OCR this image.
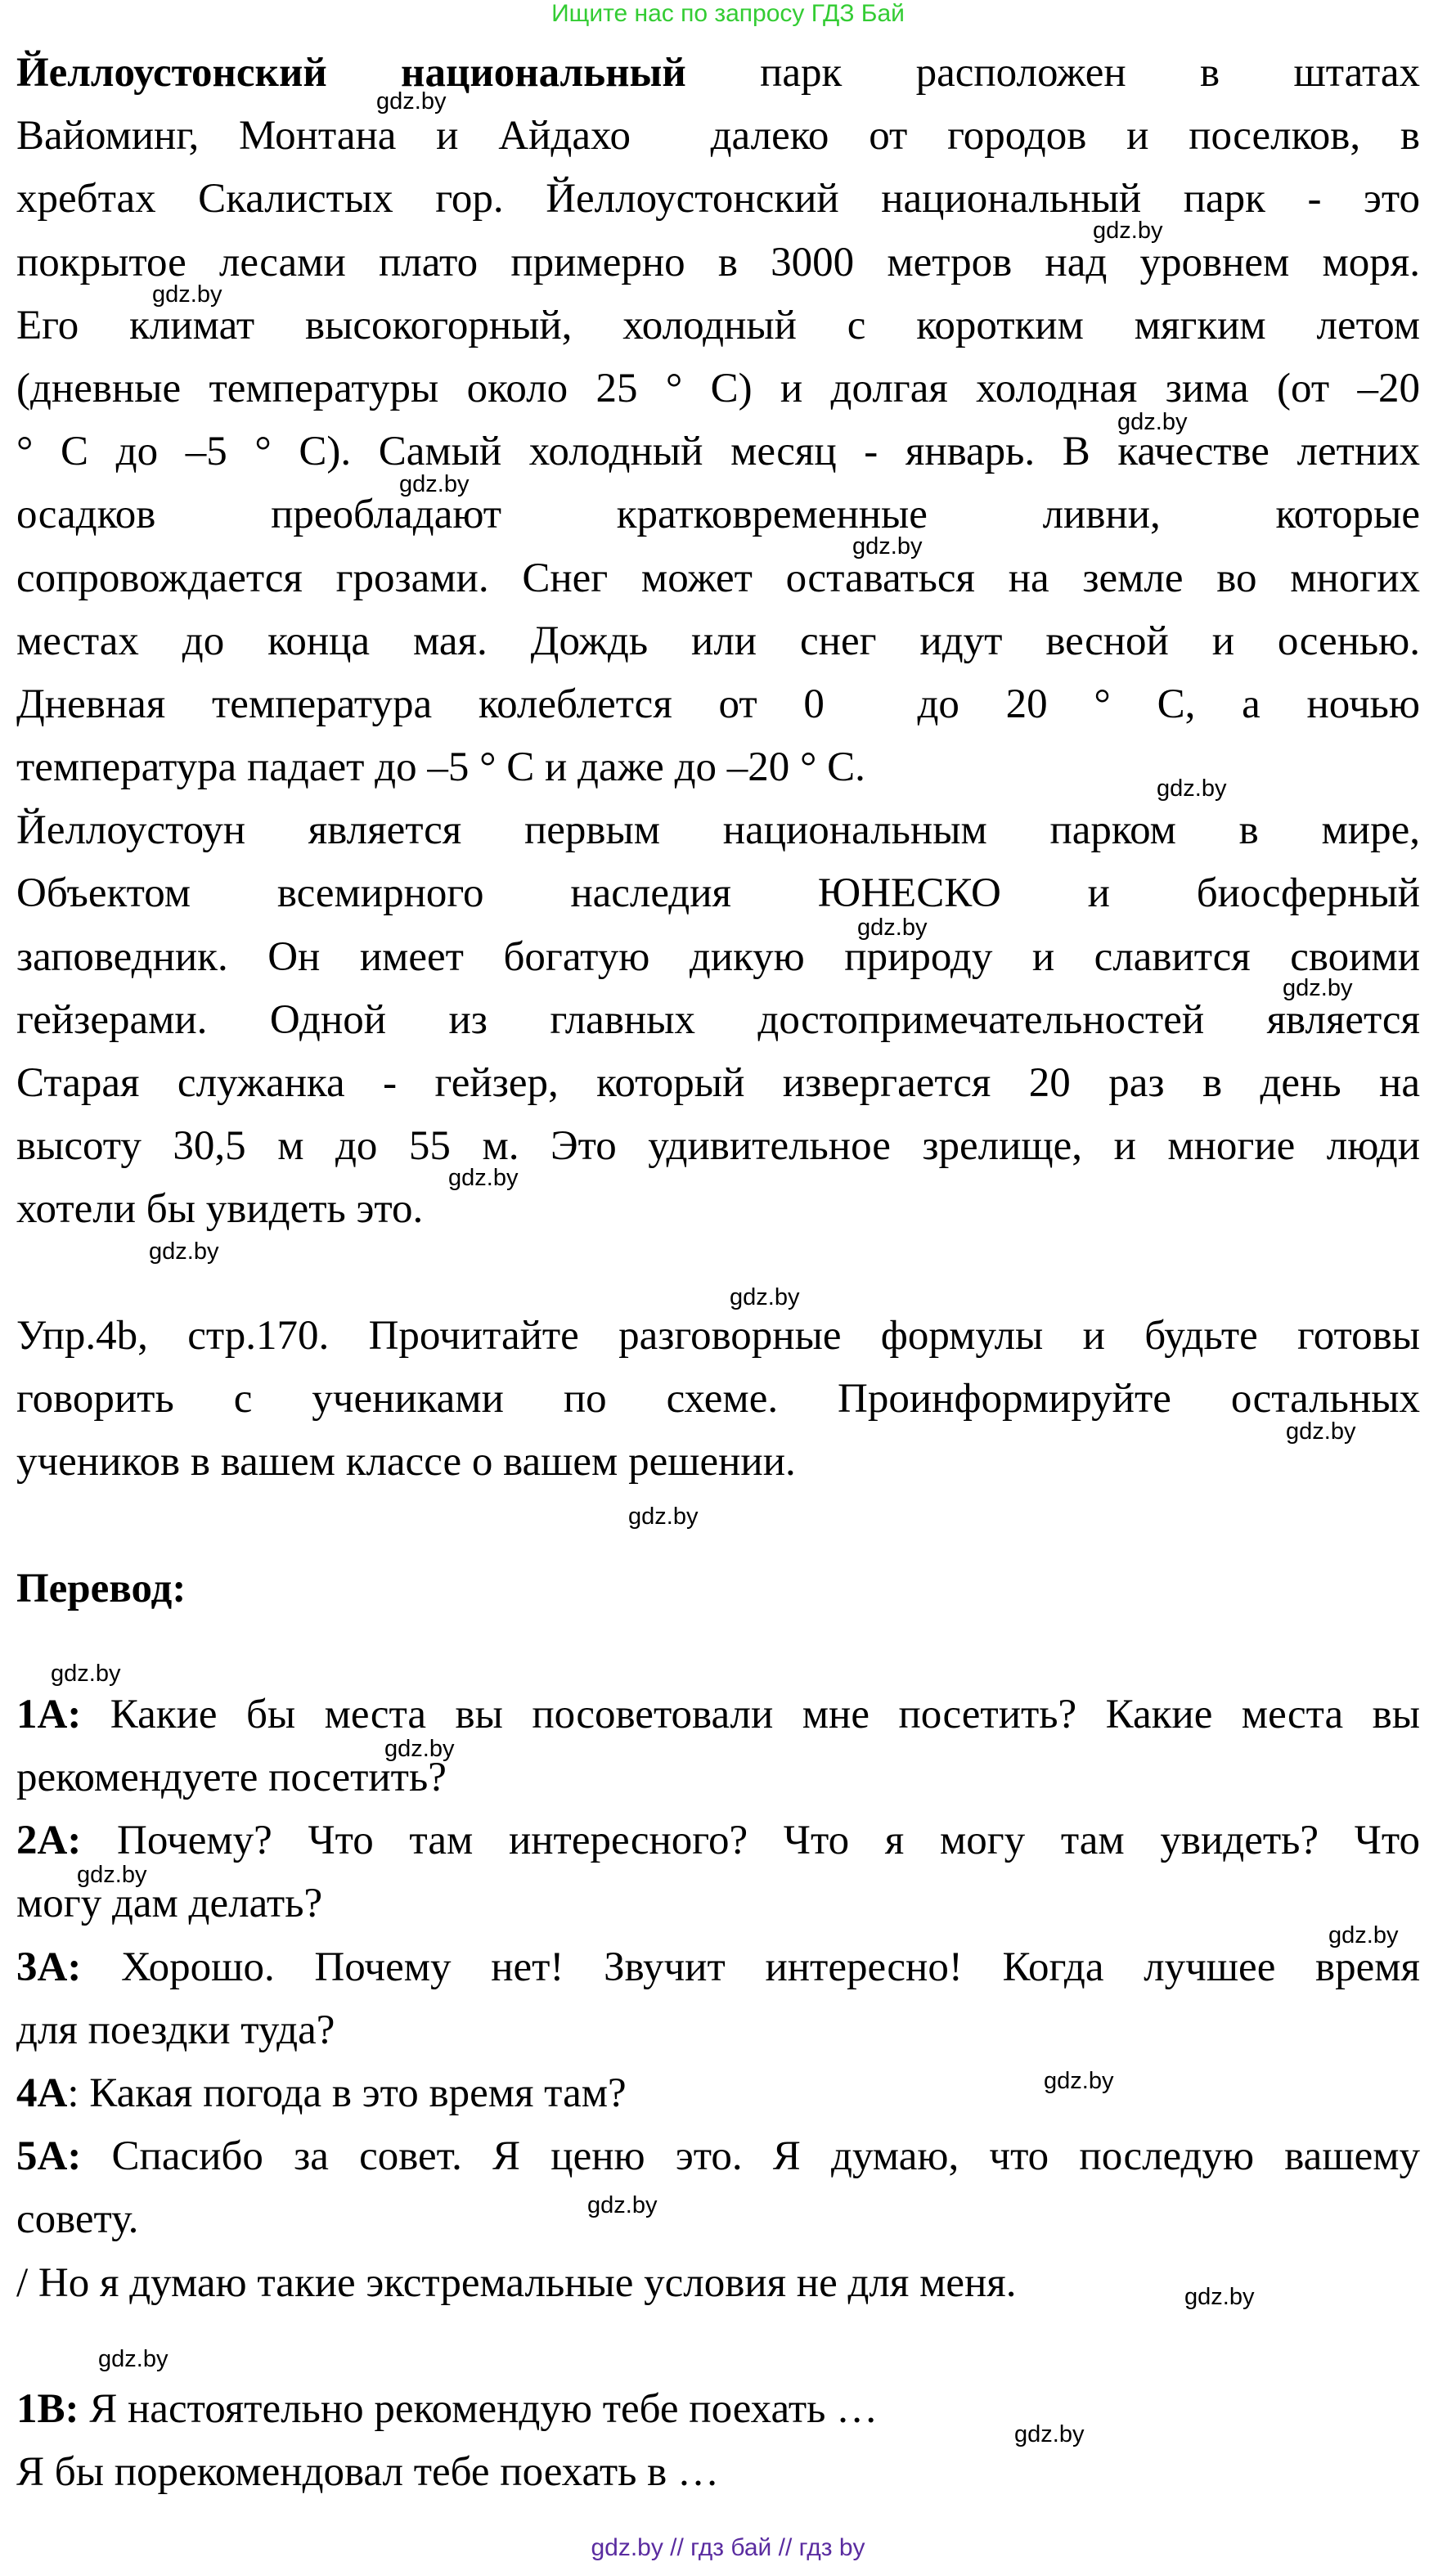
Ищите нас по запросу ГДЗ Бай
Йеллоустонский национальный парк расположен в штатах
Вайоминг, Монтана и Айдахо  далеко от городов и поселков, в
хребтах Скалистых гор. Йеллоустонский национальный парк - это
покрытое лесами плато примерно в 3000 метров над уровнем моря.
Его климат высокогорный, холодный с коротким мягким летом
(дневные температуры около 25 ° C) и долгая холодная зима (от –20
° C до –5 ° C). Самый холодный месяц - январь. В качестве летних
осадков преобладают кратковременные ливни, которые
сопровождается грозами. Снег может оставаться на земле во многих
местах до конца мая. Дождь или снег идут весной и осенью.
Дневная температура колеблется от 0  до 20 ° C, а ночью
температура падает до –5 ° C и даже до –20 ° C.
Йеллоустоун является первым национальным парком в мире,
Объектом всемирного наследия ЮНЕСКО и биосферный
заповедник. Он имеет богатую дикую природу и славится своими
гейзерами. Одной из главных достопримечательностей является
Старая служанка - гейзер, который извергается 20 раз в день на
высоту 30,5 м до 55 м. Это удивительное зрелище, и многие люди
хотели бы увидеть это.
Упр.4b, стр.170. Прочитайте разговорные формулы и будьте готовы
говорить с учениками по схеме. Проинформируйте остальных
учеников в вашем классе о вашем решении.
Перевод:
1A: Какие бы места вы посоветовали мне посетить? Какие места вы
рекомендуете посетить?
2A: Почему? Что там интересного? Что я могу там увидеть? Что
могу дам делать?
3A: Хорошо. Почему нет! Звучит интересно! Когда лучшее время
для поездки туда?
4A: Какая погода в это время там?
5A: Спасибо за совет. Я ценю это. Я думаю, что последую вашему
совету.
/ Но я думаю такие экстремальные условия не для меня.
1B: Я настоятельно рекомендую тебе поехать …
Я бы порекомендовал тебе поехать в …
gdz.by
gdz.by
gdz.by
gdz.by
gdz.by
gdz.by
gdz.by
gdz.by
gdz.by
gdz.by
gdz.by
gdz.by
gdz.by
gdz.by
gdz.by
gdz.by
gdz.by
gdz.by
gdz.by
gdz.by
gdz.by
gdz.by
gdz.by
gdz.by // гдз бай // гдз by
